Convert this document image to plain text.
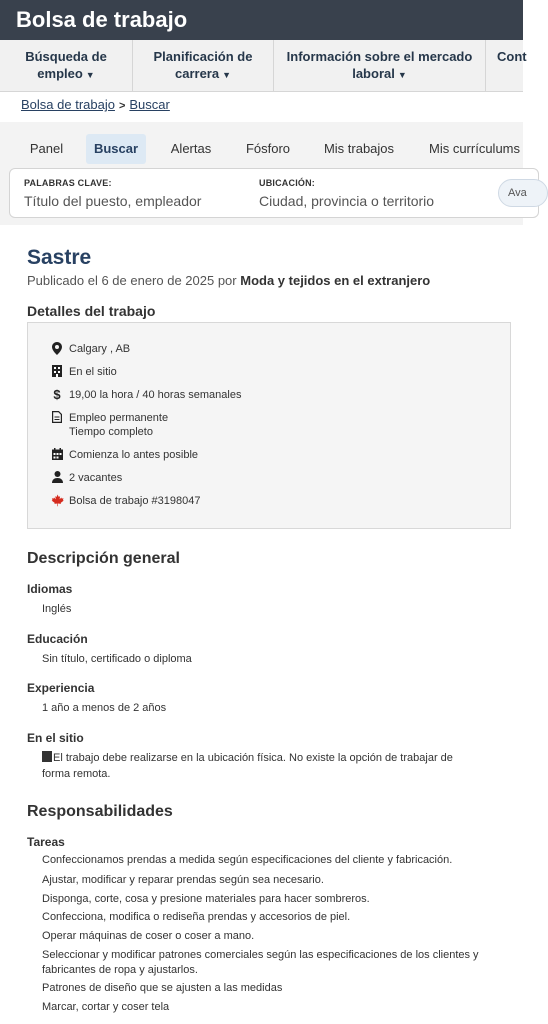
Bolsa de trabajo
Búsqueda de empleo ▼
Planificación de carrera ▼
Información sobre el mercado laboral ▼
Cont
Bolsa de trabajo > Buscar
Panel	Buscar	Alertas	Fósforo	Mis trabajos	Mis currículums
PALABRAS CLAVE:
Título del puesto, empleador
UBICACIÓN:
Ciudad, provincia o territorio	Ava
Sastre
Publicado el 6 de enero de 2025 por Moda y tejidos en el extranjero
Detalles del trabajo
Calgary , AB
En el sitio
$ 19,00 la hora / 40 horas semanales
Empleo permanente
Tiempo completo
Comienza lo antes posible
2 vacantes
Bolsa de trabajo #3198047
Descripción general
Idiomas
Inglés
Educación
Sin título, certificado o diploma
Experiencia
1 año a menos de 2 años
En el sitio
El trabajo debe realizarse en la ubicación física. No existe la opción de trabajar de
forma remota.
Responsabilidades
Tareas
Confeccionamos prendas a medida según especificaciones del cliente y fabricación.
Ajustar, modificar y reparar prendas según sea necesario.
Disponga, corte, cosa y presione materiales para hacer sombreros.
Confecciona, modifica o rediseña prendas y accesorios de piel.
Operar máquinas de coser o coser a mano.
Seleccionar y modificar patrones comerciales según las especificaciones de los clientes y
fabricantes de ropa y ajustarlos.
Patrones de diseño que se ajusten a las medidas
Marcar, cortar y coser tela
